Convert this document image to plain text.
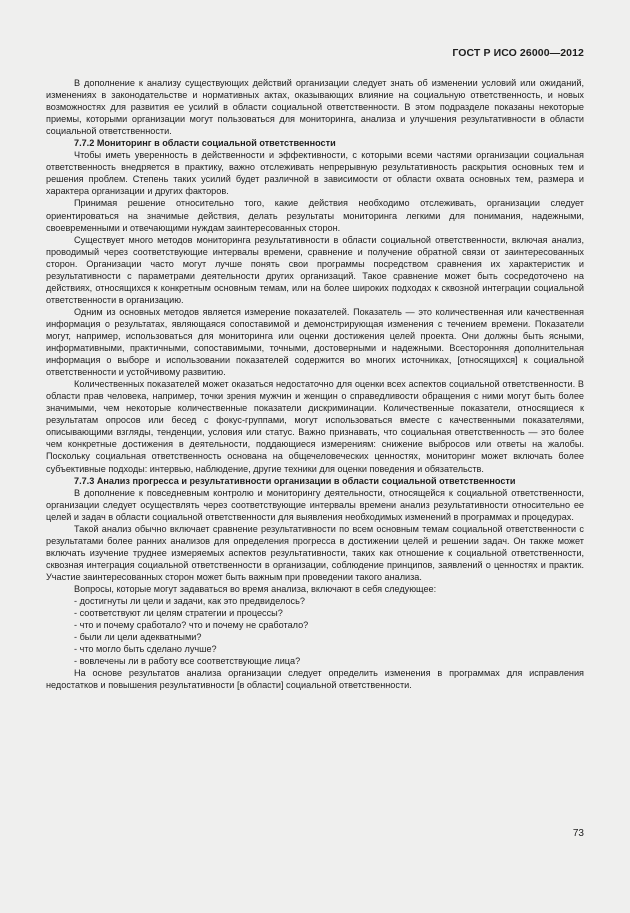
ГОСТ Р ИСО 26000—2012

В дополнение к анализу существующих действий организации следует знать об изменении условий или ожиданий, изменениях в законодательстве и нормативных актах, оказывающих влияние на социальную ответственность, и новых возможностях для развития ее усилий в области социальной ответственности. В этом подразделе показаны некоторые приемы, которыми организации могут пользоваться для мониторинга, анализа и улучшения результативности в области социальной ответственности.

7.7.2 Мониторинг в области социальной ответственности

Чтобы иметь уверенность в действенности и эффективности, с которыми всеми частями организации социальная ответственность внедряется в практику, важно отслеживать непрерывную результативность раскрытия основных тем и решения проблем. Степень таких усилий будет различной в зависимости от области охвата основных тем, размера и характера организации и других факторов.

Принимая решение относительно того, какие действия необходимо отслеживать, организации следует ориентироваться на значимые действия, делать результаты мониторинга легкими для понимания, надежными, своевременными и отвечающими нуждам заинтересованных сторон.

Существует много методов мониторинга результативности в области социальной ответственности, включая анализ, проводимый через соответствующие интервалы времени, сравнение и получение обратной связи от заинтересованных сторон. Организации часто могут лучше понять свои программы посредством сравнения их характеристик и результативности с параметрами деятельности других организаций. Такое сравнение может быть сосредоточено на действиях, относящихся к конкретным основным темам, или на более широких подходах к сквозной интеграции социальной ответственности в организацию.

Одним из основных методов является измерение показателей. Показатель — это количественная или качественная информация о результатах, являющаяся сопоставимой и демонстрирующая изменения с течением времени. Показатели могут, например, использоваться для мониторинга или оценки достижения целей проекта. Они должны быть ясными, информативными, практичными, сопоставимыми, точными, достоверными и надежными. Всесторонняя дополнительная информация о выборе и использовании показателей содержится во многих источниках, [относящихся] к социальной ответственности и устойчивому развитию.

Количественных показателей может оказаться недостаточно для оценки всех аспектов социальной ответственности. В области прав человека, например, точки зрения мужчин и женщин о справедливости обращения с ними могут быть более значимыми, чем некоторые количественные показатели дискриминации. Количественные показатели, относящиеся к результатам опросов или бесед с фокус-группами, могут использоваться вместе с качественными показателями, описывающими взгляды, тенденции, условия или статус. Важно признавать, что социальная ответственность — это более чем конкретные достижения в деятельности, поддающиеся измерениям: снижение выбросов или ответы на жалобы. Поскольку социальная ответственность основана на общечеловеческих ценностях, мониторинг может включать более субъективные подходы: интервью, наблюдение, другие техники для оценки поведения и обязательств.

7.7.3 Анализ прогресса и результативности организации в области социальной ответственности

В дополнение к повседневным контролю и мониторингу деятельности, относящейся к социальной ответственности, организации следует осуществлять через соответствующие интервалы времени анализ результативности относительно ее целей и задач в области социальной ответственности для выявления необходимых изменений в программах и процедурах.

Такой анализ обычно включает сравнение результативности по всем основным темам социальной ответственности с результатами более ранних анализов для определения прогресса в достижении целей и решении задач. Он также может включать изучение труднее измеряемых аспектов результативности, таких как отношение к социальной ответственности, сквозная интеграция социальной ответственности в организации, соблюдение принципов, заявлений о ценностях и практик. Участие заинтересованных сторон может быть важным при проведении такого анализа.

Вопросы, которые могут задаваться во время анализа, включают в себя следующее:

- достигнуты ли цели и задачи, как это предвиделось?

- соответствуют ли целям стратегии и процессы?

- что и почему сработало? что и почему не сработало?

- были ли цели адекватными?

- что могло быть сделано лучше?

- вовлечены ли в работу все соответствующие лица?

На основе результатов анализа организации следует определить изменения в программах для исправления недостатков и повышения результативности [в области] социальной ответственности.

73
